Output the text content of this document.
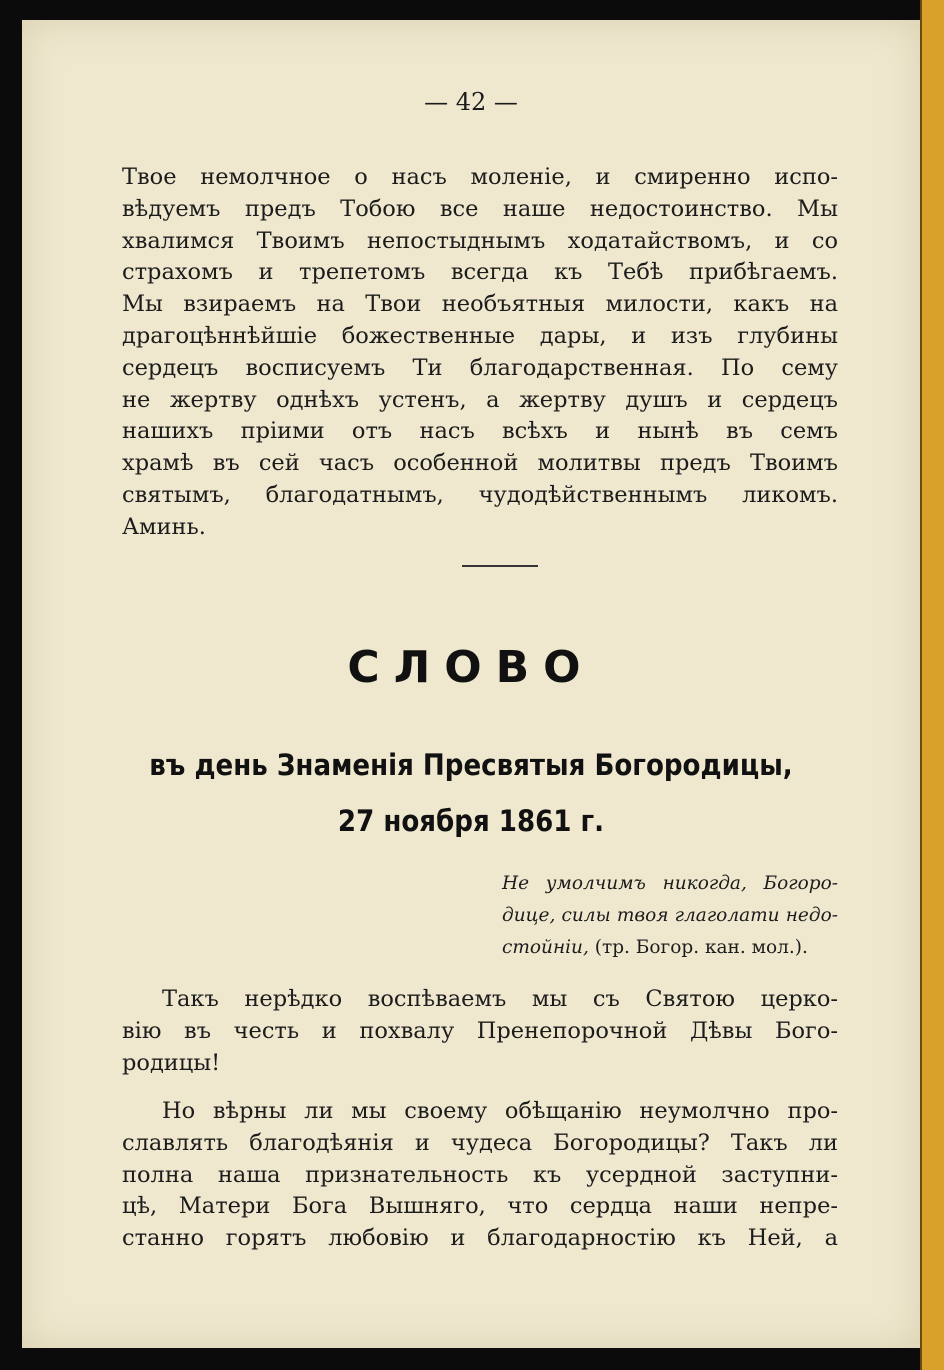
— 42 —
Твое немолчное о насъ моленіе, и смиренно испо-
вѣдуемъ предъ Тобою все наше недостоинство. Мы
хвалимся Твоимъ непостыднымъ ходатайствомъ, и со
страхомъ и трепетомъ всегда къ Тебѣ прибѣгаемъ.
Мы взираемъ на Твои необъятныя милости, какъ на
драгоцѣннѣйшіе божественные дары, и изъ глубины
сердецъ восписуемъ Ти благодарственная. По сему
не жертву однѣхъ устенъ, а жертву душъ и сердецъ
нашихъ пріими отъ насъ всѣхъ и нынѣ въ семъ
храмѣ въ сей часъ особенной молитвы предъ Твоимъ
святымъ, благодатнымъ, чудодѣйственнымъ ликомъ.
Аминь.
СЛОВО
въ день Знаменія Пресвятыя Богородицы,
27 ноября 1861 г.
Не умолчимъ никогда, Богоро-
дице, силы твоя глаголати недо-
стойніи, (тр. Богор. кан. мол.).
Такъ нерѣдко воспѣваемъ мы съ Святою церко-
вію въ честь и похвалу Пренепорочной Дѣвы Бого-
родицы!
Но вѣрны ли мы своему обѣщанію неумолчно про-
славлять благодѣянія и чудеса Богородицы? Такъ ли
полна наша признательность къ усердной заступни-
цѣ, Матери Бога Вышняго, что сердца наши непре-
станно горятъ любовію и благодарностію къ Ней, а
